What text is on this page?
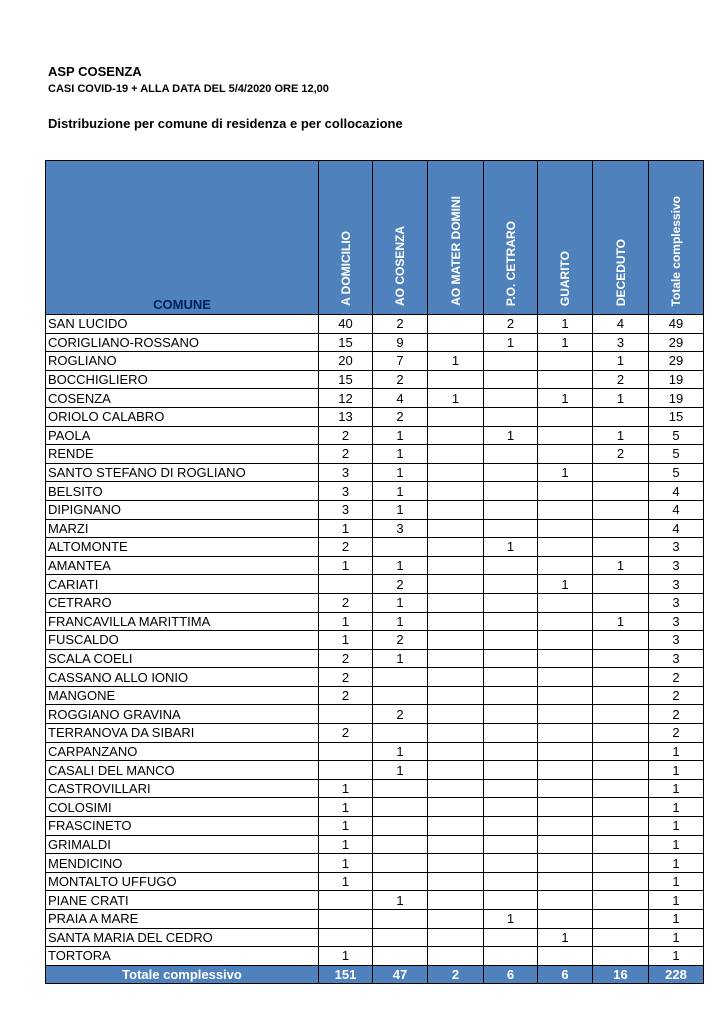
ASP COSENZA
CASI COVID-19 + ALLA DATA DEL 5/4/2020 ORE 12,00
Distribuzione per comune di residenza e per collocazione
COMUNE	A DOMICILIO	AO COSENZA	AO MATER DOMINI	P.O. CETRARO	GUARITO	DECEDUTO	Totale complessivo
SAN LUCIDO	40	2		2	1	4	49
CORIGLIANO-ROSSANO	15	9		1	1	3	29
ROGLIANO	20	7	1			1	29
BOCCHIGLIERO	15	2				2	19
COSENZA	12	4	1		1	1	19
ORIOLO CALABRO	13	2					15
PAOLA	2	1		1		1	5
RENDE	2	1				2	5
SANTO STEFANO DI ROGLIANO	3	1			1		5
BELSITO	3	1					4
DIPIGNANO	3	1					4
MARZI	1	3					4
ALTOMONTE	2			1			3
AMANTEA	1	1				1	3
CARIATI		2			1		3
CETRARO	2	1					3
FRANCAVILLA MARITTIMA	1	1				1	3
FUSCALDO	1	2					3
SCALA COELI	2	1					3
CASSANO ALLO IONIO	2						2
MANGONE	2						2
ROGGIANO GRAVINA		2					2
TERRANOVA DA SIBARI	2						2
CARPANZANO		1					1
CASALI DEL MANCO		1					1
CASTROVILLARI	1						1
COLOSIMI	1						1
FRASCINETO	1						1
GRIMALDI	1						1
MENDICINO	1						1
MONTALTO UFFUGO	1						1
PIANE CRATI		1					1
PRAIA A MARE				1			1
SANTA MARIA DEL CEDRO					1		1
TORTORA	1						1
Totale complessivo	151	47	2	6	6	16	228
